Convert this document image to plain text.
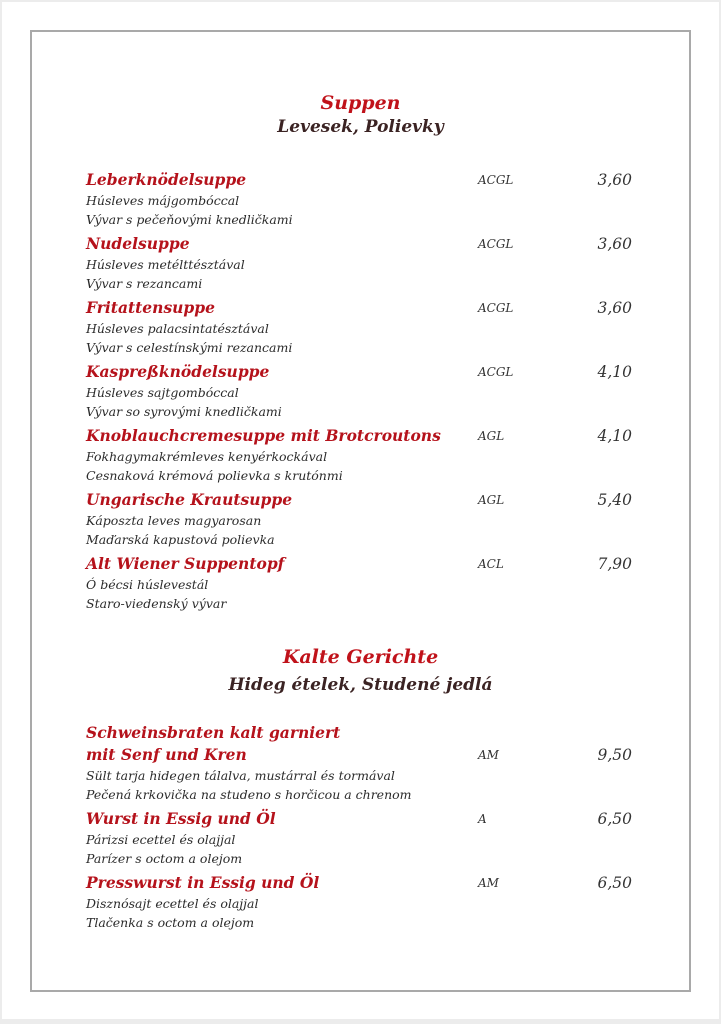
Suppen
Levesek, Polievky
Leberknödelsuppe	ACGL	3,60
Húsleves májgombóccal
Vývar s pečeňovými knedličkami
Nudelsuppe	ACGL	3,60
Húsleves metélttésztával
Vývar s rezancami
Fritattensuppe	ACGL	3,60
Húsleves palacsintatésztával
Vývar s celestínskými rezancami
Kaspreßknödelsuppe	ACGL	4,10
Húsleves sajtgombóccal
Vývar so syrovými knedličkami
Knoblauchcremesuppe mit Brotcroutons	AGL	4,10
Fokhagymakrémleves kenyérkockával
Cesnaková krémová polievka s krutónmi
Ungarische Krautsuppe	AGL	5,40
Káposzta leves magyarosan
Maďarská kapustová polievka
Alt Wiener Suppentopf	ACL	7,90
Ó bécsi húslevestál
Staro-viedenský vývar
Kalte Gerichte
Hideg ételek, Studené jedlá
Schweinsbraten kalt garniert
mit Senf und Kren	AM	9,50
Sült tarja hidegen tálalva, mustárral és tormával
Pečená krkovička na studeno s horčicou a chrenom
Wurst in Essig und Öl	A	6,50
Párizsi ecettel és olajjal
Parízer s octom a olejom
Presswurst in Essig und Öl	AM	6,50
Disznósajt ecettel és olajjal
Tlačenka s octom a olejom
